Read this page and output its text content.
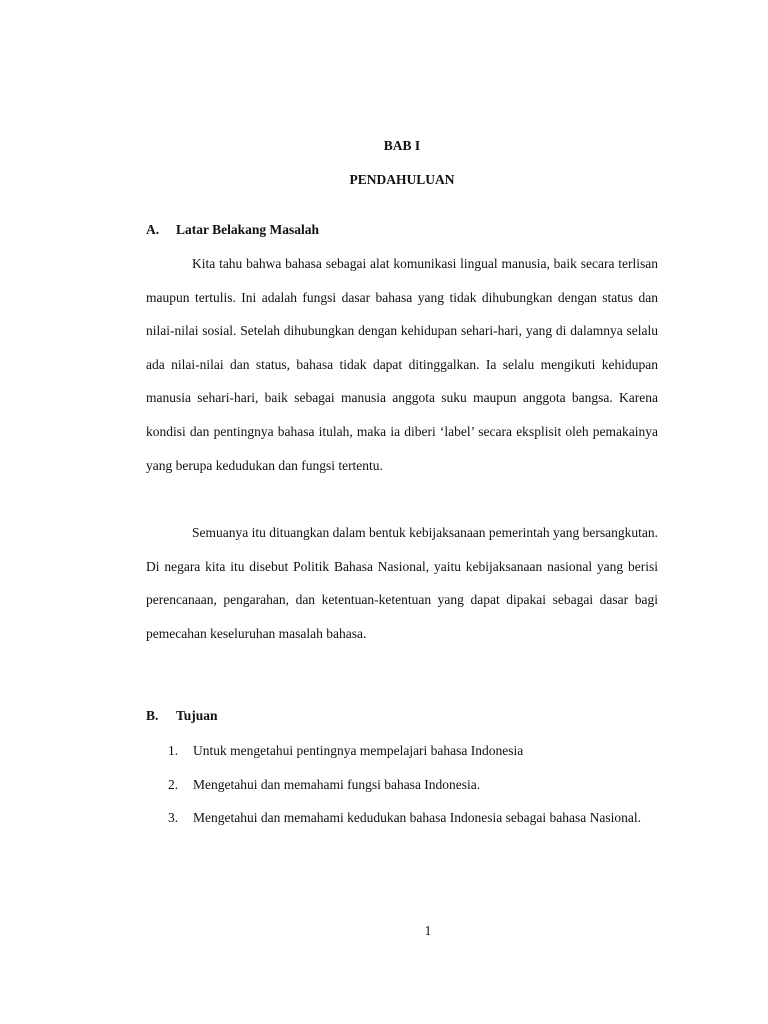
BAB I
PENDAHULUAN
A. Latar Belakang Masalah

Kita tahu bahwa bahasa sebagai alat komunikasi lingual manusia, baik secara terlisan maupun tertulis. Ini adalah fungsi dasar bahasa yang tidak dihubungkan dengan status dan nilai-nilai sosial. Setelah dihubungkan dengan kehidupan sehari-hari, yang di dalamnya selalu ada nilai-nilai dan status, bahasa tidak dapat ditinggalkan. Ia selalu mengikuti kehidupan manusia sehari-hari, baik sebagai manusia anggota suku maupun anggota bangsa. Karena kondisi dan pentingnya bahasa itulah, maka ia diberi ‘label’ secara eksplisit oleh pemakainya yang berupa kedudukan dan fungsi tertentu.

Semuanya itu dituangkan dalam bentuk kebijaksanaan pemerintah yang bersangkutan. Di negara kita itu disebut Politik Bahasa Nasional, yaitu kebijaksanaan nasional yang berisi perencanaan, pengarahan, dan ketentuan-ketentuan yang dapat dipakai sebagai dasar bagi pemecahan keseluruhan masalah bahasa.

B. Tujuan
1.	Untuk mengetahui pentingnya mempelajari bahasa Indonesia
2.	Mengetahui dan memahami fungsi bahasa Indonesia.
3.	Mengetahui dan memahami kedudukan bahasa Indonesia sebagai bahasa Nasional.
1
